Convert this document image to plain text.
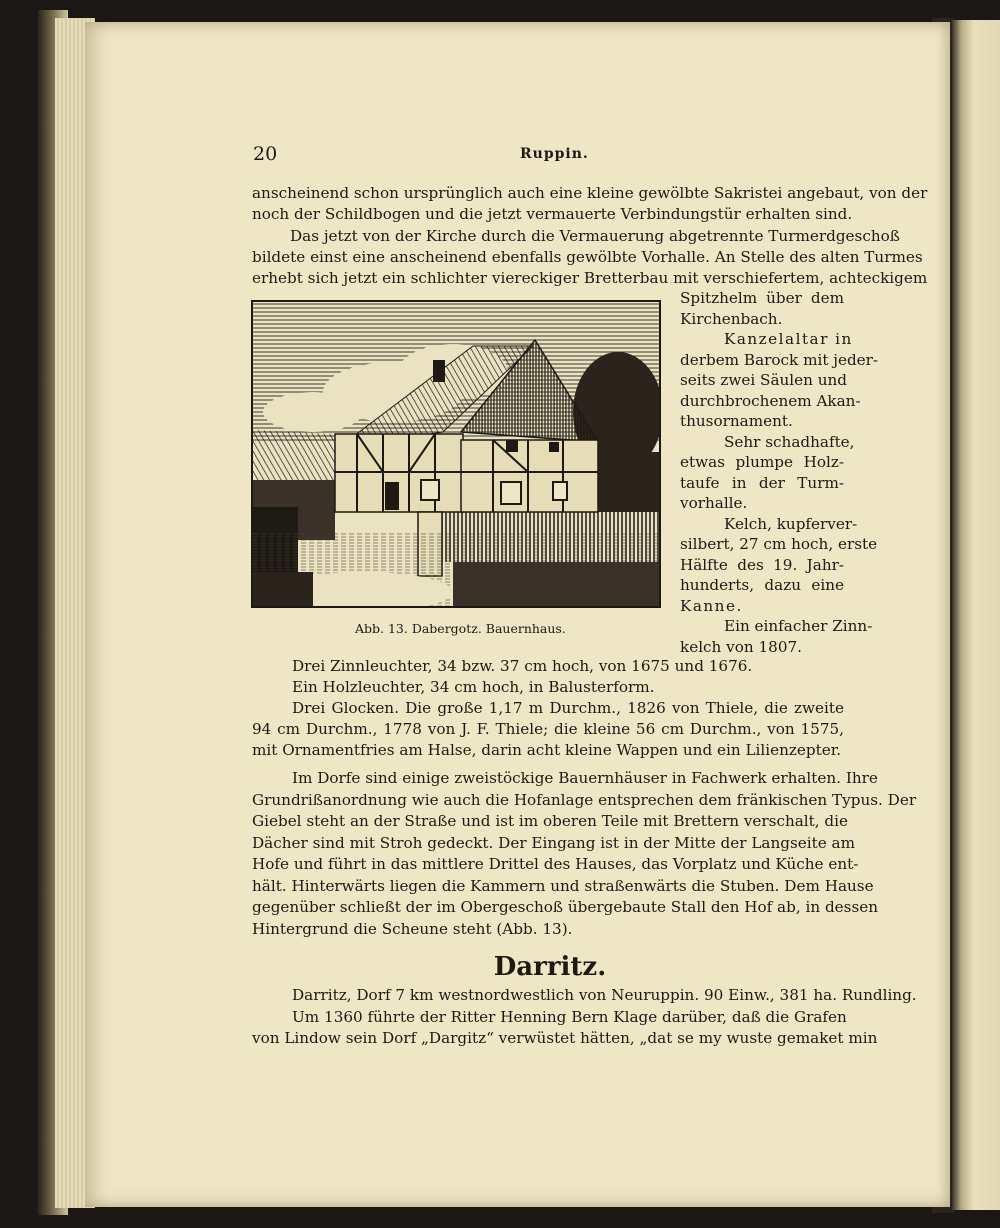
20	Ruppin.
anscheinend schon ursprünglich auch eine kleine gewölbte Sakristei angebaut, von der
noch der Schildbogen und die jetzt vermauerte Verbindungstür erhalten sind.
Das jetzt von der Kirche durch die Vermauerung abgetrennte Turmerdgeschoß
bildete einst eine anscheinend ebenfalls gewölbte Vorhalle. An Stelle des alten Turmes
erhebt sich jetzt ein schlichter viereckiger Bretterbau mit verschiefertem, achteckigem
Abb. 13. Dabergotz. Bauernhaus.
Spitzhelm über dem
Kirchenbach.
Kanzelaltar in
derbem Barock mit jeder-
seits zwei Säulen und
durchbrochenem Akan-
thusornament.
Sehr schadhafte,
etwas plumpe Holz-
taufe in der Turm-
vorhalle.
Kelch, kupferver-
silbert, 27 cm hoch, erste
Hälfte des 19. Jahr-
hunderts, dazu eine
Kanne.
Ein einfacher Zinn-
kelch von 1807.
Drei Zinnleuchter, 34 bzw. 37 cm hoch, von 1675 und 1676.
Ein Holzleuchter, 34 cm hoch, in Balusterform.
Drei Glocken. Die große 1,17 m Durchm., 1826 von Thiele, die zweite
94 cm Durchm., 1778 von J. F. Thiele; die kleine 56 cm Durchm., von 1575,
mit Ornamentfries am Halse, darin acht kleine Wappen und ein Lilienzepter.
Im Dorfe sind einige zweistöckige Bauernhäuser in Fachwerk erhalten. Ihre
Grundrißanordnung wie auch die Hofanlage entsprechen dem fränkischen Typus. Der
Giebel steht an der Straße und ist im oberen Teile mit Brettern verschalt, die
Dächer sind mit Stroh gedeckt. Der Eingang ist in der Mitte der Langseite am
Hofe und führt in das mittlere Drittel des Hauses, das Vorplatz und Küche ent-
hält. Hinterwärts liegen die Kammern und straßenwärts die Stuben. Dem Hause
gegenüber schließt der im Obergeschoß übergebaute Stall den Hof ab, in dessen
Hintergrund die Scheune steht (Abb. 13).
Darritz.
Darritz, Dorf 7 km westnordwestlich von Neuruppin. 90 Einw., 381 ha. Rundling.
Um 1360 führte der Ritter Henning Bern Klage darüber, daß die Grafen
von Lindow sein Dorf „Dargitz“ verwüstet hätten, „dat se my wuste gemaket min
